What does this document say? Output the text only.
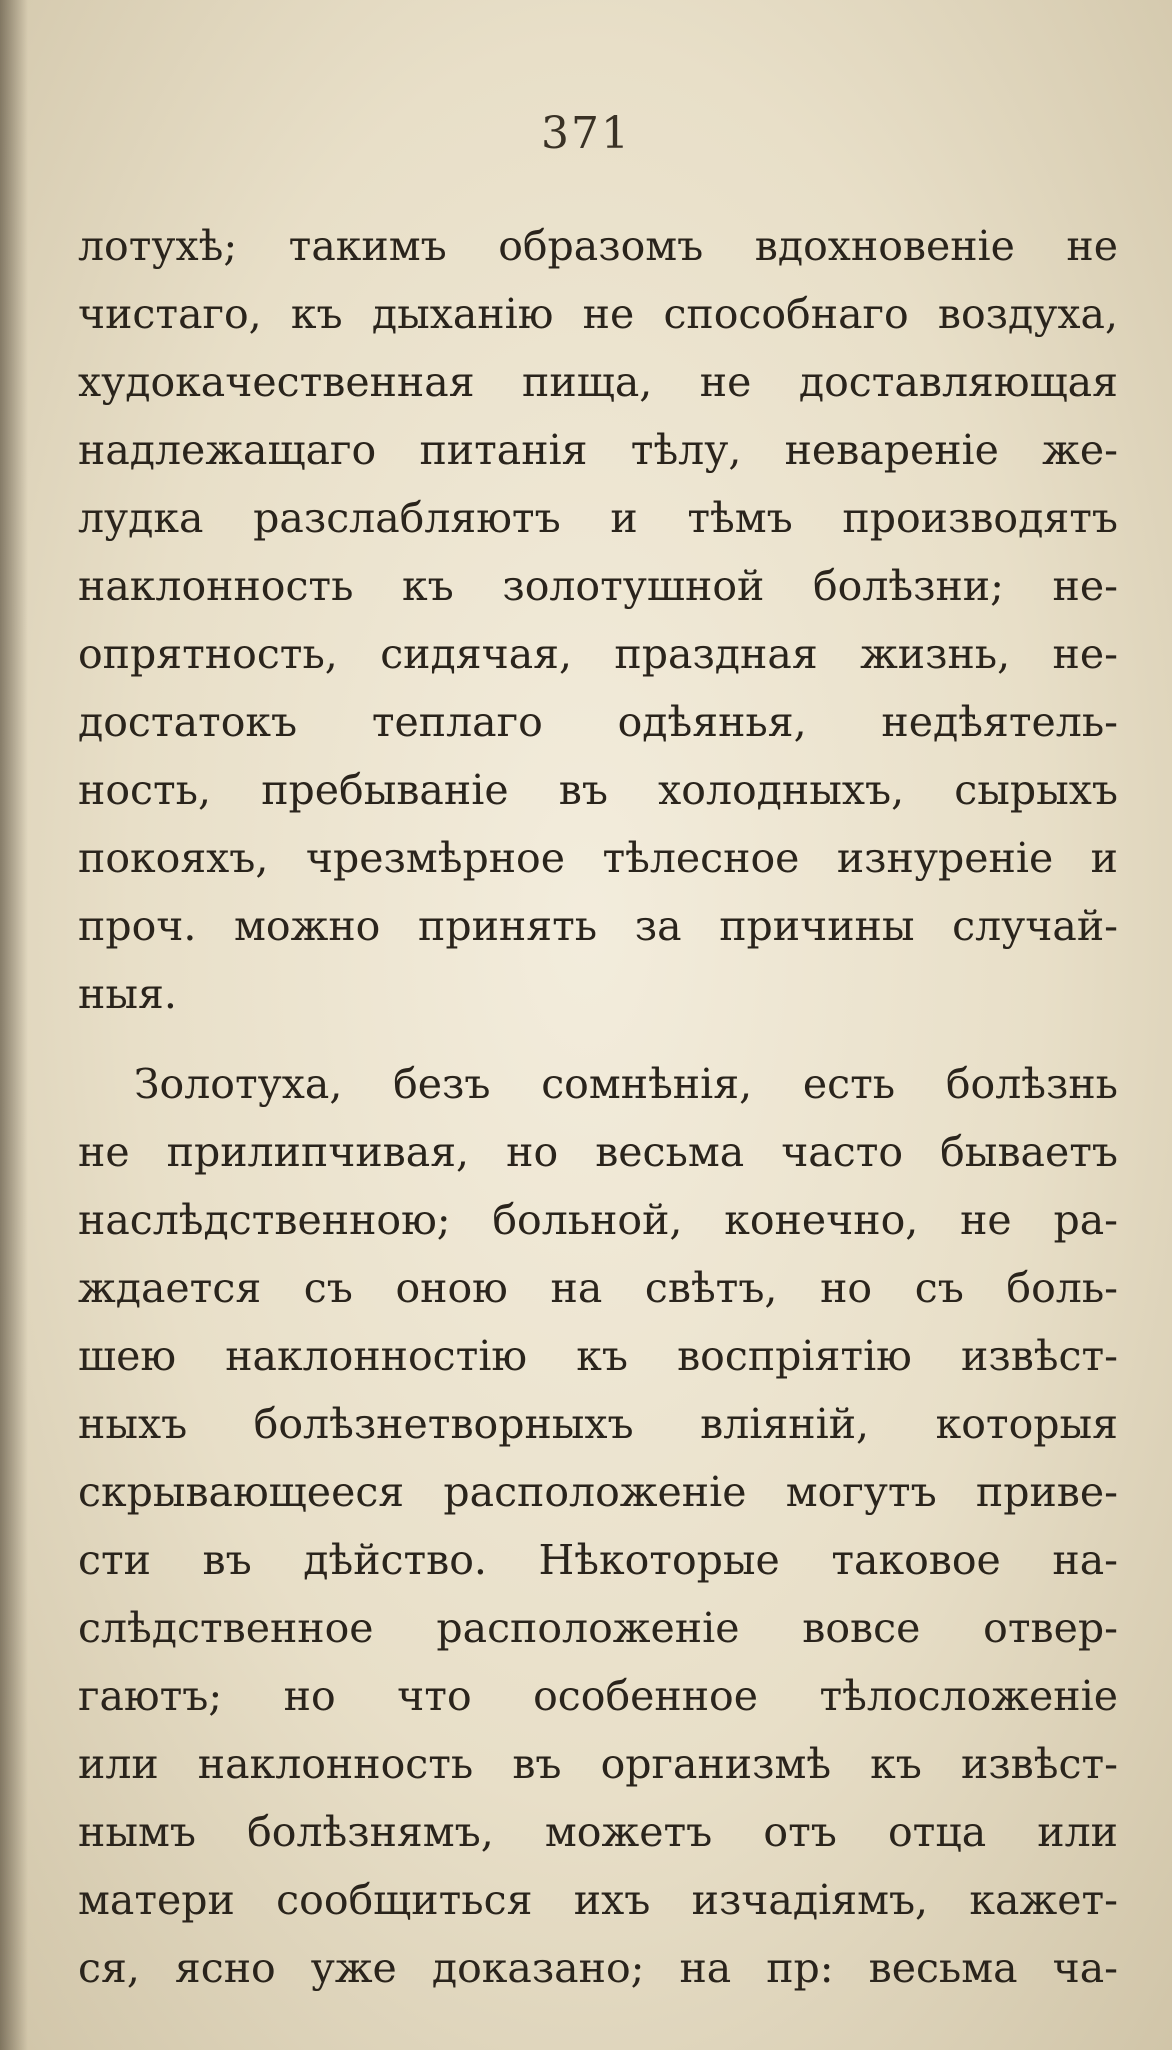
371
лотухѣ; такимъ образомъ вдохновеніе не
чистаго, къ дыханію не способнаго воздуха,
худокачественная пища, не доставляющая
надлежащаго питанія тѣлу, невареніе же-
лудка разслабляютъ и тѣмъ производятъ
наклонность къ золотушной болѣзни; не-
опрятность, сидячая, праздная жизнь, не-
достатокъ теплаго одѣянья, недѣятель-
ность, пребываніе въ холодныхъ, сырыхъ
покояхъ, чрезмѣрное тѣлесное изнуреніе и
проч. можно принять за причины случай-
ныя.
Золотуха, безъ сомнѣнія, есть болѣзнь
не прилипчивая, но весьма часто бываетъ
наслѣдственною; больной, конечно, не ра-
ждается съ оною на свѣтъ, но съ боль-
шею наклонностію къ воспріятію извѣст-
ныхъ болѣзнетворныхъ вліяній, которыя
скрывающееся расположеніе могутъ приве-
сти въ дѣйство. Нѣкоторые таковое на-
слѣдственное расположеніе вовсе отвер-
гаютъ; но что особенное тѣлосложеніе
или наклонность въ организмѣ къ извѣст-
нымъ болѣзнямъ, можетъ отъ отца или
матери сообщиться ихъ изчадіямъ, кажет-
ся, ясно уже доказано; на пр: весьма ча-
